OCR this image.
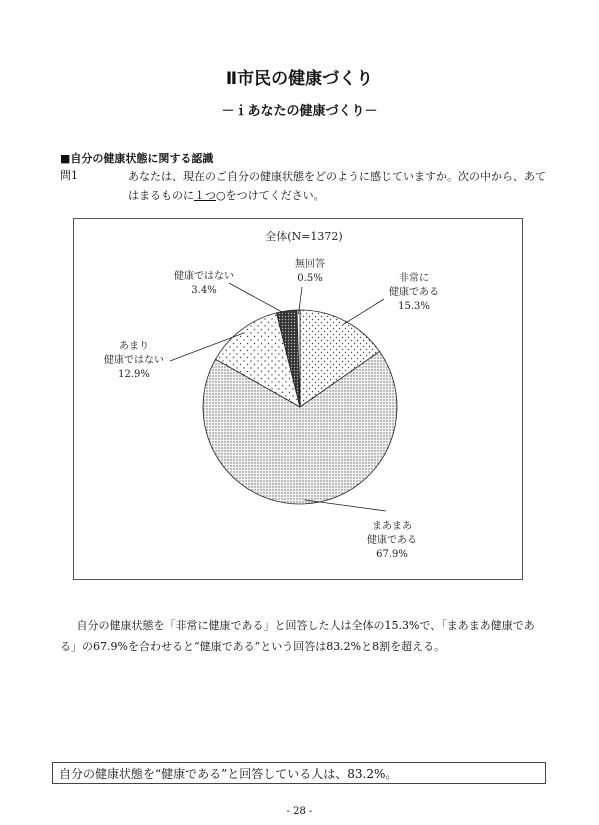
Ⅱ市民の健康づくり
－ｉあなたの健康づくり－
■自分の健康状態に関する認識
問1	あなたは、現在のご自分の健康状態をどのように感じていますか。次の中から、あてはまるものに１つ○をつけてください。
全体(N=1372)
非常に
健康である
15.3%
まあまあ
健康である
67.9%
あまり
健康ではない
12.9%
健康ではない
3.4%
無回答
0.5%
自分の健康状態を「非常に健康である」と回答した人は全体の15.3%で、「まあまあ健康である」の67.9%を合わせると“健康である”という回答は83.2%と8割を超える。
自分の健康状態を“健康である”と回答している人は、83.2%。
- 28 -
